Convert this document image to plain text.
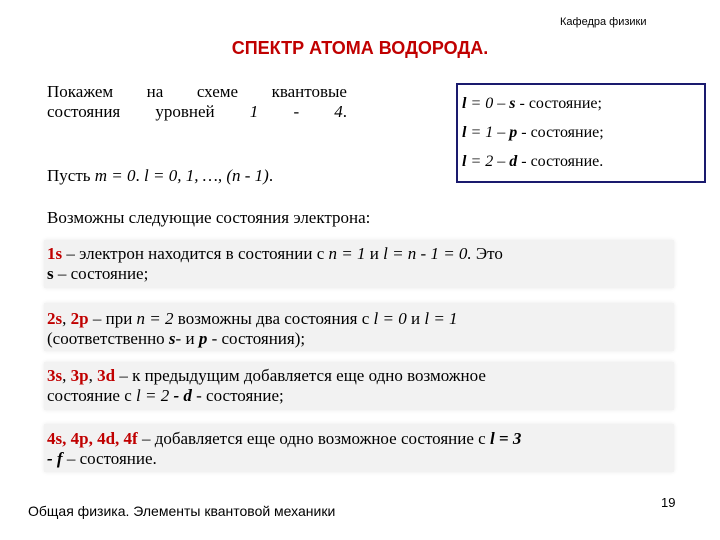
Кафедра физики
СПЕКТР АТОМА ВОДОРОДА.
Покажем на схеме квантовые
состояния уровней 1 - 4.	l = 0 – s - состояние;
l = 1 – p - состояние;
l = 2 – d - состояние.
Пусть m = 0. l = 0, 1, …, (n - 1).
Возможны следующие состояния электрона:
1s – электрон находится в состоянии с n = 1 и l = n - 1 = 0. Это
s – состояние;
2s, 2p – при n = 2 возможны два состояния с l = 0 и l = 1
(соответственно s- и p - состояния);
3s, 3p, 3d – к предыдущим добавляется еще одно возможное
состояние с l = 2 - d - состояние;
4s, 4p, 4d, 4f – добавляется еще одно возможное состояние с l = 3
- f – состояние.
Общая физика. Элементы квантовой механики
19
